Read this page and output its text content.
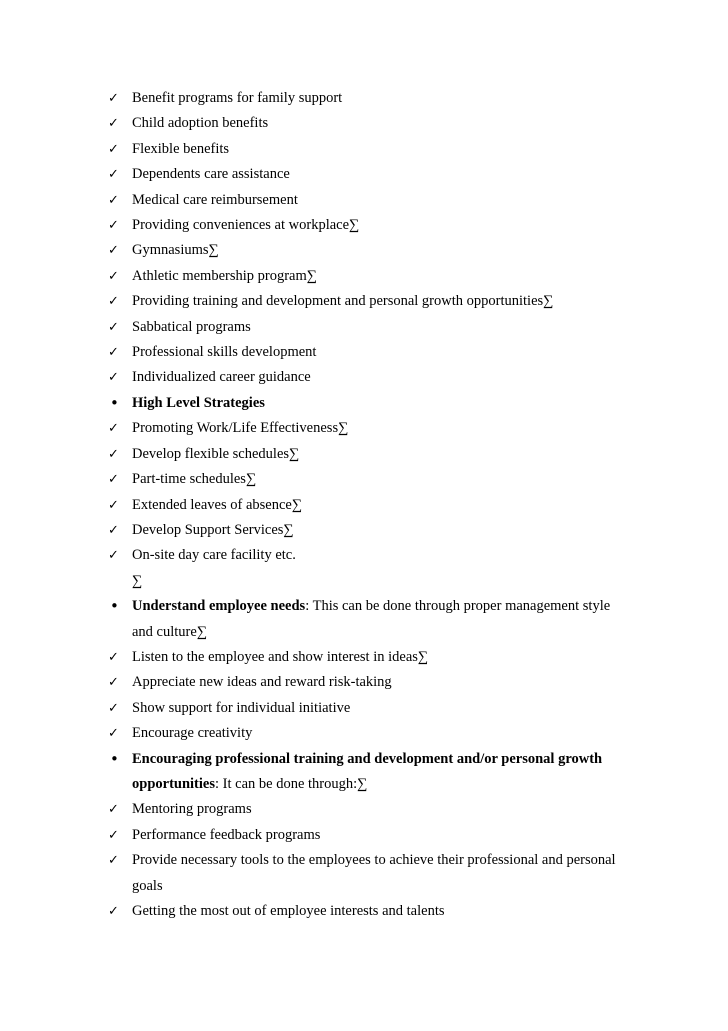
✓ Benefit programs for family support
✓ Child adoption benefits
✓ Flexible benefits
✓ Dependents care assistance
✓ Medical care reimbursement
✓ Providing conveniences at workplace∑
✓ Gymnasiums∑
✓ Athletic membership program∑
✓ Providing training and development and personal growth opportunities∑
✓ Sabbatical programs
✓ Professional skills development
✓ Individualized career guidance
• High Level Strategies
✓ Promoting Work/Life Effectiveness∑
✓ Develop flexible schedules∑
✓ Part-time schedules∑
✓ Extended leaves of absence∑
✓ Develop Support Services∑
✓ On-site day care facility etc.
∑
• Understand employee needs: This can be done through proper management style
and culture∑
✓ Listen to the employee and show interest in ideas∑
✓ Appreciate new ideas and reward risk-taking
✓ Show support for individual initiative
✓ Encourage creativity
• Encouraging professional training and development and/or personal growth
opportunities: It can be done through:∑
✓ Mentoring programs
✓ Performance feedback programs
✓ Provide necessary tools to the employees to achieve their professional and personal
goals
✓ Getting the most out of employee interests and talents
